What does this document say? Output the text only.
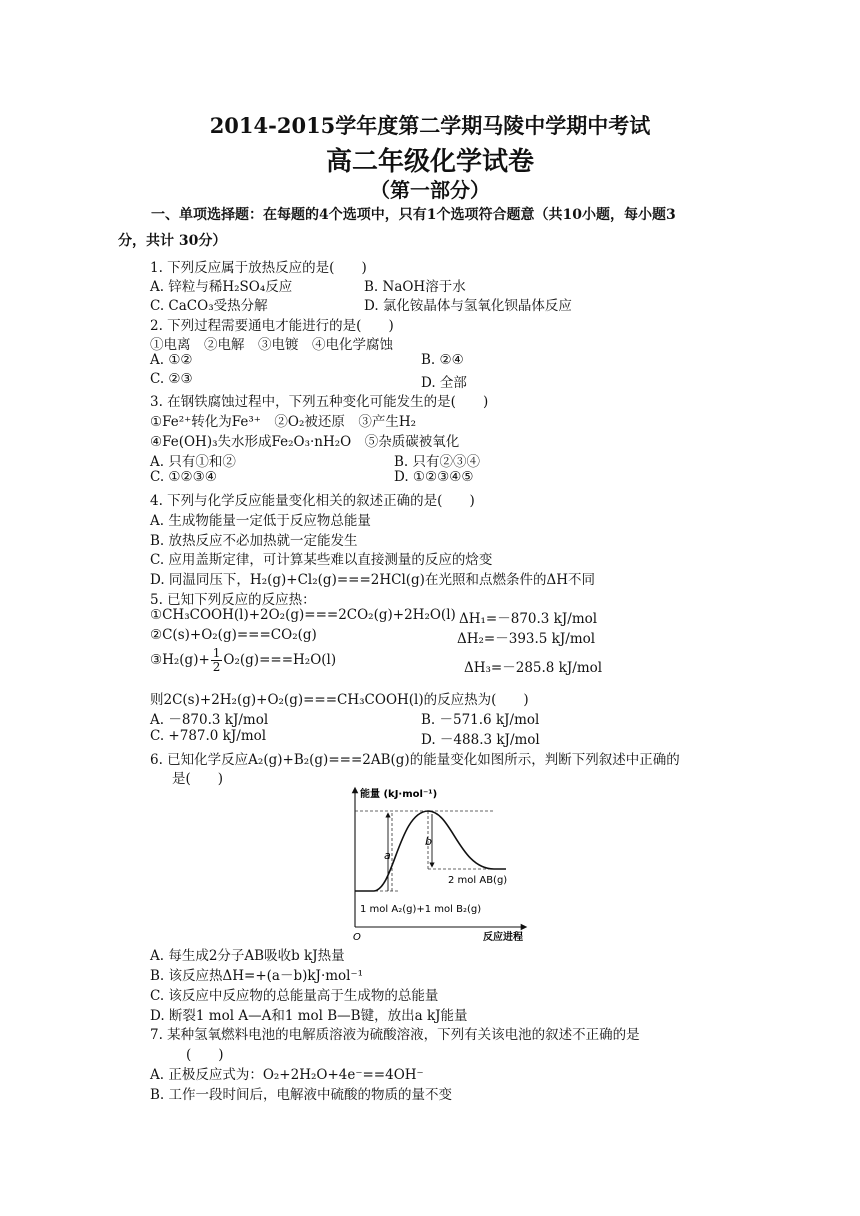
2014-2015学年度第二学期马陵中学期中考试
高二年级化学试卷
（第一部分）
一、单项选择题：在每题的4个选项中，只有1个选项符合题意（共10小题，每小题3
分，共计 30分）
1. 下列反应属于放热反应的是(　　)
A. 锌粒与稀H₂SO₄反应	B. NaOH溶于水
C. CaCO₃受热分解	D. 氯化铵晶体与氢氧化钡晶体反应
2. 下列过程需要通电才能进行的是(　　)
①电离　②电解　③电镀　④电化学腐蚀
A. ①②	B. ②④
C. ②③	D. 全部
3. 在钢铁腐蚀过程中，下列五种变化可能发生的是(　　)
①Fe²⁺转化为Fe³⁺　②O₂被还原　③产生H₂
④Fe(OH)₃失水形成Fe₂O₃·nH₂O　⑤杂质碳被氧化
A. 只有①和②	B. 只有②③④
C. ①②③④	D. ①②③④⑤
4. 下列与化学反应能量变化相关的叙述正确的是(　　)
A. 生成物能量一定低于反应物总能量
B. 放热反应不必加热就一定能发生
C. 应用盖斯定律，可计算某些难以直接测量的反应的焓变
D. 同温同压下，H₂(g)+Cl₂(g)===2HCl(g)在光照和点燃条件的ΔH不同
5. 已知下列反应的反应热：
①CH₃COOH(l)+2O₂(g)===2CO₂(g)+2H₂O(l) ΔH₁=－870.3 kJ/mol
②C(s)+O₂(g)===CO₂(g)	ΔH₂=－393.5 kJ/mol
③H₂(g)+ $\frac{1}{2} O_2(g)===H_2O(l)$	ΔH₃=－285.8 kJ/mol
则2C(s)+2H₂(g)+O₂(g)===CH₃COOH(l)的反应热为(　　)
A. －870.3 kJ/mol	B. －571.6 kJ/mol
C. +787.0 kJ/mol	D. －488.3 kJ/mol
6. 已知化学反应A₂(g)+B₂(g)===2AB(g)的能量变化如图所示，判断下列叙述中正确的
是(　　)
能量 (kJ·mol⁻¹)
a
b
2 mol AB(g)
1 mol A₂(g)+1 mol B₂(g)
O	反应进程
A. 每生成2分子AB吸收b kJ热量
B. 该反应热ΔH=+(a－b)kJ·mol⁻¹
C. 该反应中反应物的总能量高于生成物的总能量
D. 断裂1 mol A—A和1 mol B—B键，放出a kJ能量
7. 某种氢氧燃料电池的电解质溶液为硫酸溶液，下列有关该电池的叙述不正确的是
(　　)
A. 正极反应式为：O₂+2H₂O+4e⁻==4OH⁻
B. 工作一段时间后，电解液中硫酸的物质的量不变
